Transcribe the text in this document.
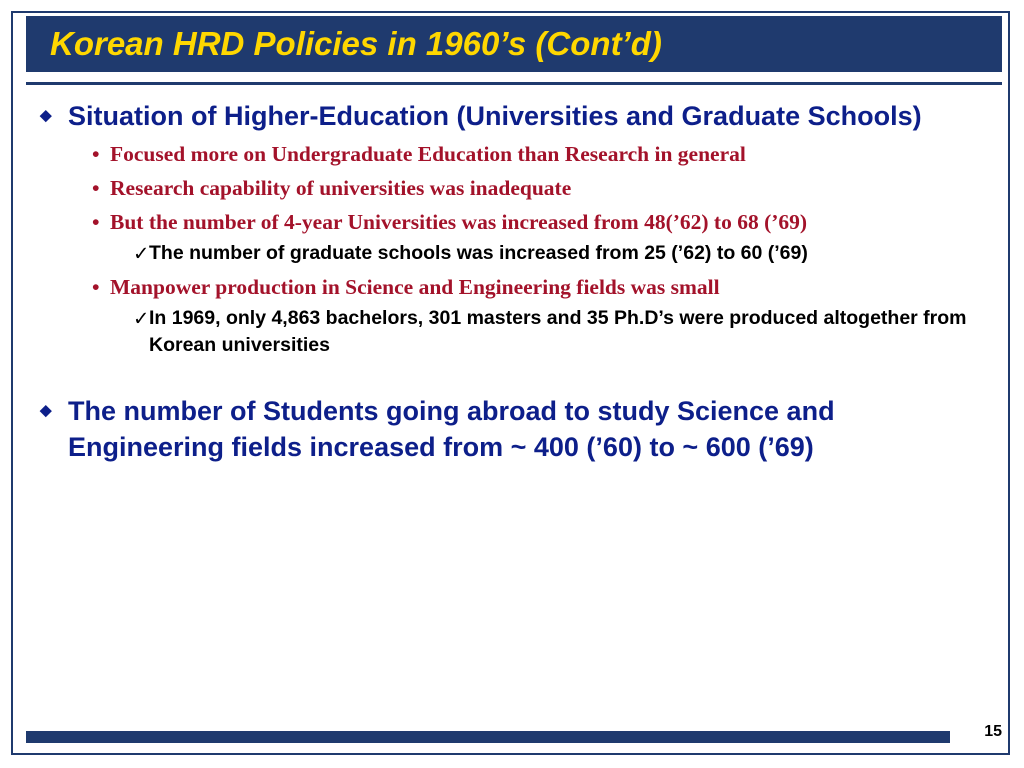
Korean HRD Policies in 1960’s (Cont’d)
◆ Situation of Higher-Education (Universities and Graduate Schools)
• Focused more on Undergraduate Education than Research in general
• Research capability of universities was inadequate
• But the number of 4-year Universities was increased from 48(’62) to 68 (’69)
✓ The number of graduate schools was increased from 25 (’62) to 60 (’69)
• Manpower production in Science and Engineering fields was small
✓ In 1969, only 4,863 bachelors, 301 masters and 35 Ph.D’s were produced altogether from Korean universities
◆ The number of Students going abroad to study Science and Engineering fields increased from ~ 400 (’60) to ~ 600 (’69)
15
